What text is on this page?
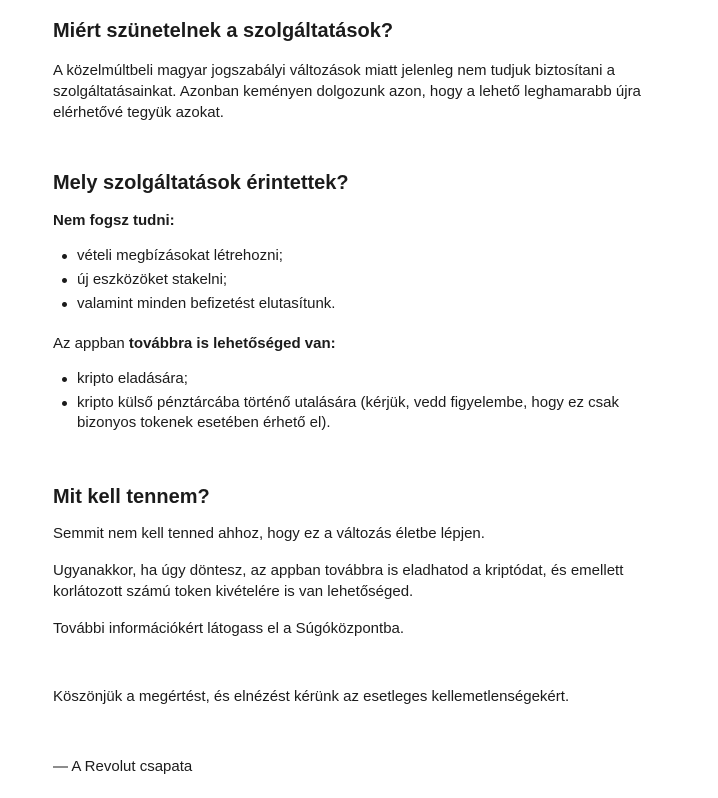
Miért szünetelnek a szolgáltatások?

A közelmúltbeli magyar jogszabályi változások miatt jelenleg nem tudjuk biztosítani a szolgáltatásainkat. Azonban keményen dolgozunk azon, hogy a lehető leghamarabb újra elérhetővé tegyük azokat.

Mely szolgáltatások érintettek?

Nem fogsz tudni:

vételi megbízásokat létrehozni;
új eszközöket stakelni;
valamint minden befizetést elutasítunk.

Az appban továbbra is lehetőséged van:

kripto eladására;
kripto külső pénztárcába történő utalására (kérjük, vedd figyelembe, hogy ez csak bizonyos tokenek esetében érhető el).
Mit kell tennem?

Semmit nem kell tenned ahhoz, hogy ez a változás életbe lépjen.

Ugyanakkor, ha úgy döntesz, az appban továbbra is eladhatod a kriptódat, és emellett korlátozott számú token kivételére is van lehetőséged.

További információkért látogass el a Súgóközpontba.

Köszönjük a megértést, és elnézést kérünk az esetleges kellemetlenségekért.

— A Revolut csapata
